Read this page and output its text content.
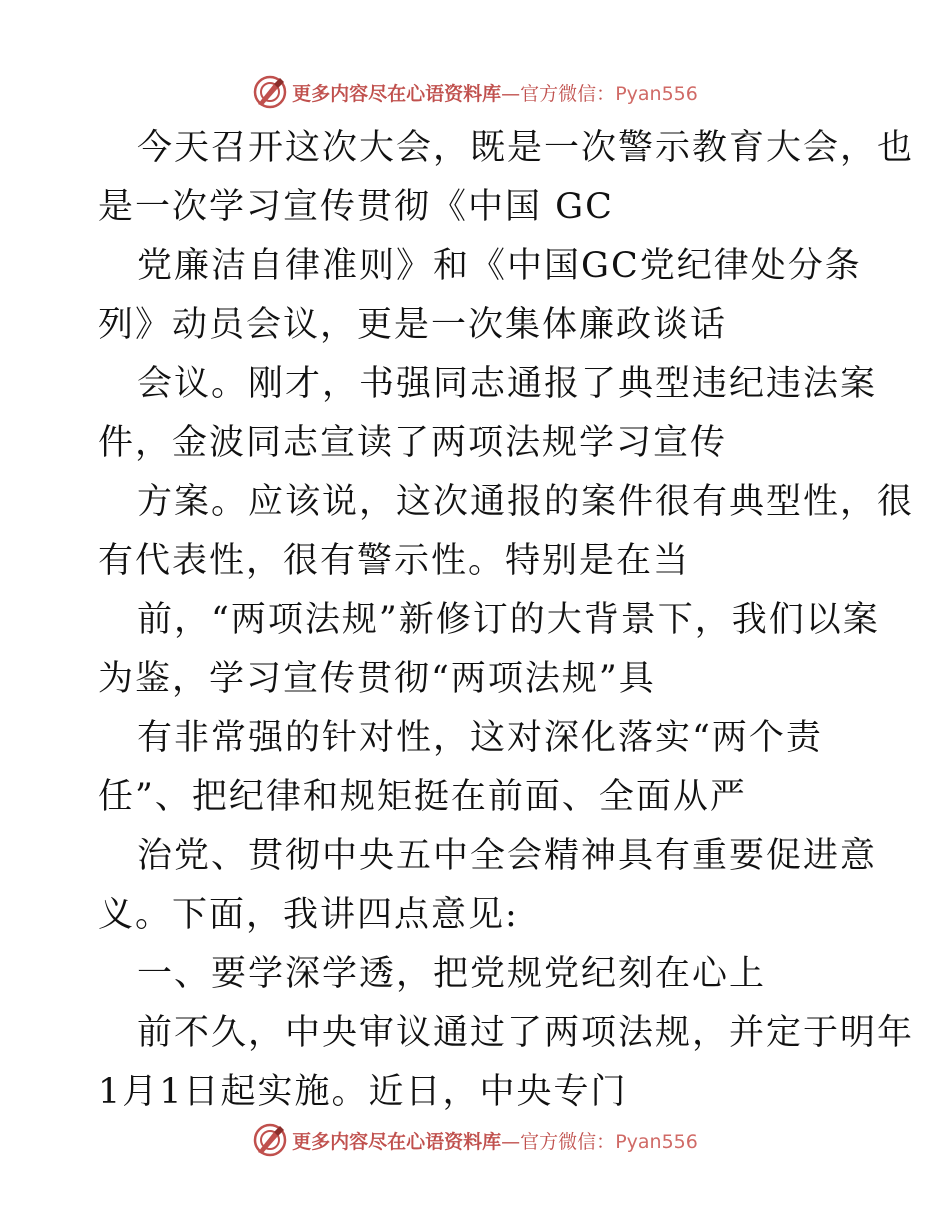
更多内容尽在心语资料库—官方微信：Pyan556
今天召开这次大会，既是一次警示教育大会，也
是一次学习宣传贯彻《中国 GC
党廉洁自律准则》和《中国GC党纪律处分条
列》动员会议，更是一次集体廉政谈话
会议。刚才，书强同志通报了典型违纪违法案
件，金波同志宣读了两项法规学习宣传
方案。应该说，这次通报的案件很有典型性，很
有代表性，很有警示性。特别是在当
前，“两项法规”新修订的大背景下，我们以案
为鉴，学习宣传贯彻“两项法规”具
有非常强的针对性，这对深化落实“两个责
任”、把纪律和规矩挺在前面、全面从严
治党、贯彻中央五中全会精神具有重要促进意
义。下面，我讲四点意见:
一、要学深学透，把党规党纪刻在心上
前不久，中央审议通过了两项法规，并定于明年
1月1日起实施。近日，中央专门
更多内容尽在心语资料库—官方微信：Pyan556
